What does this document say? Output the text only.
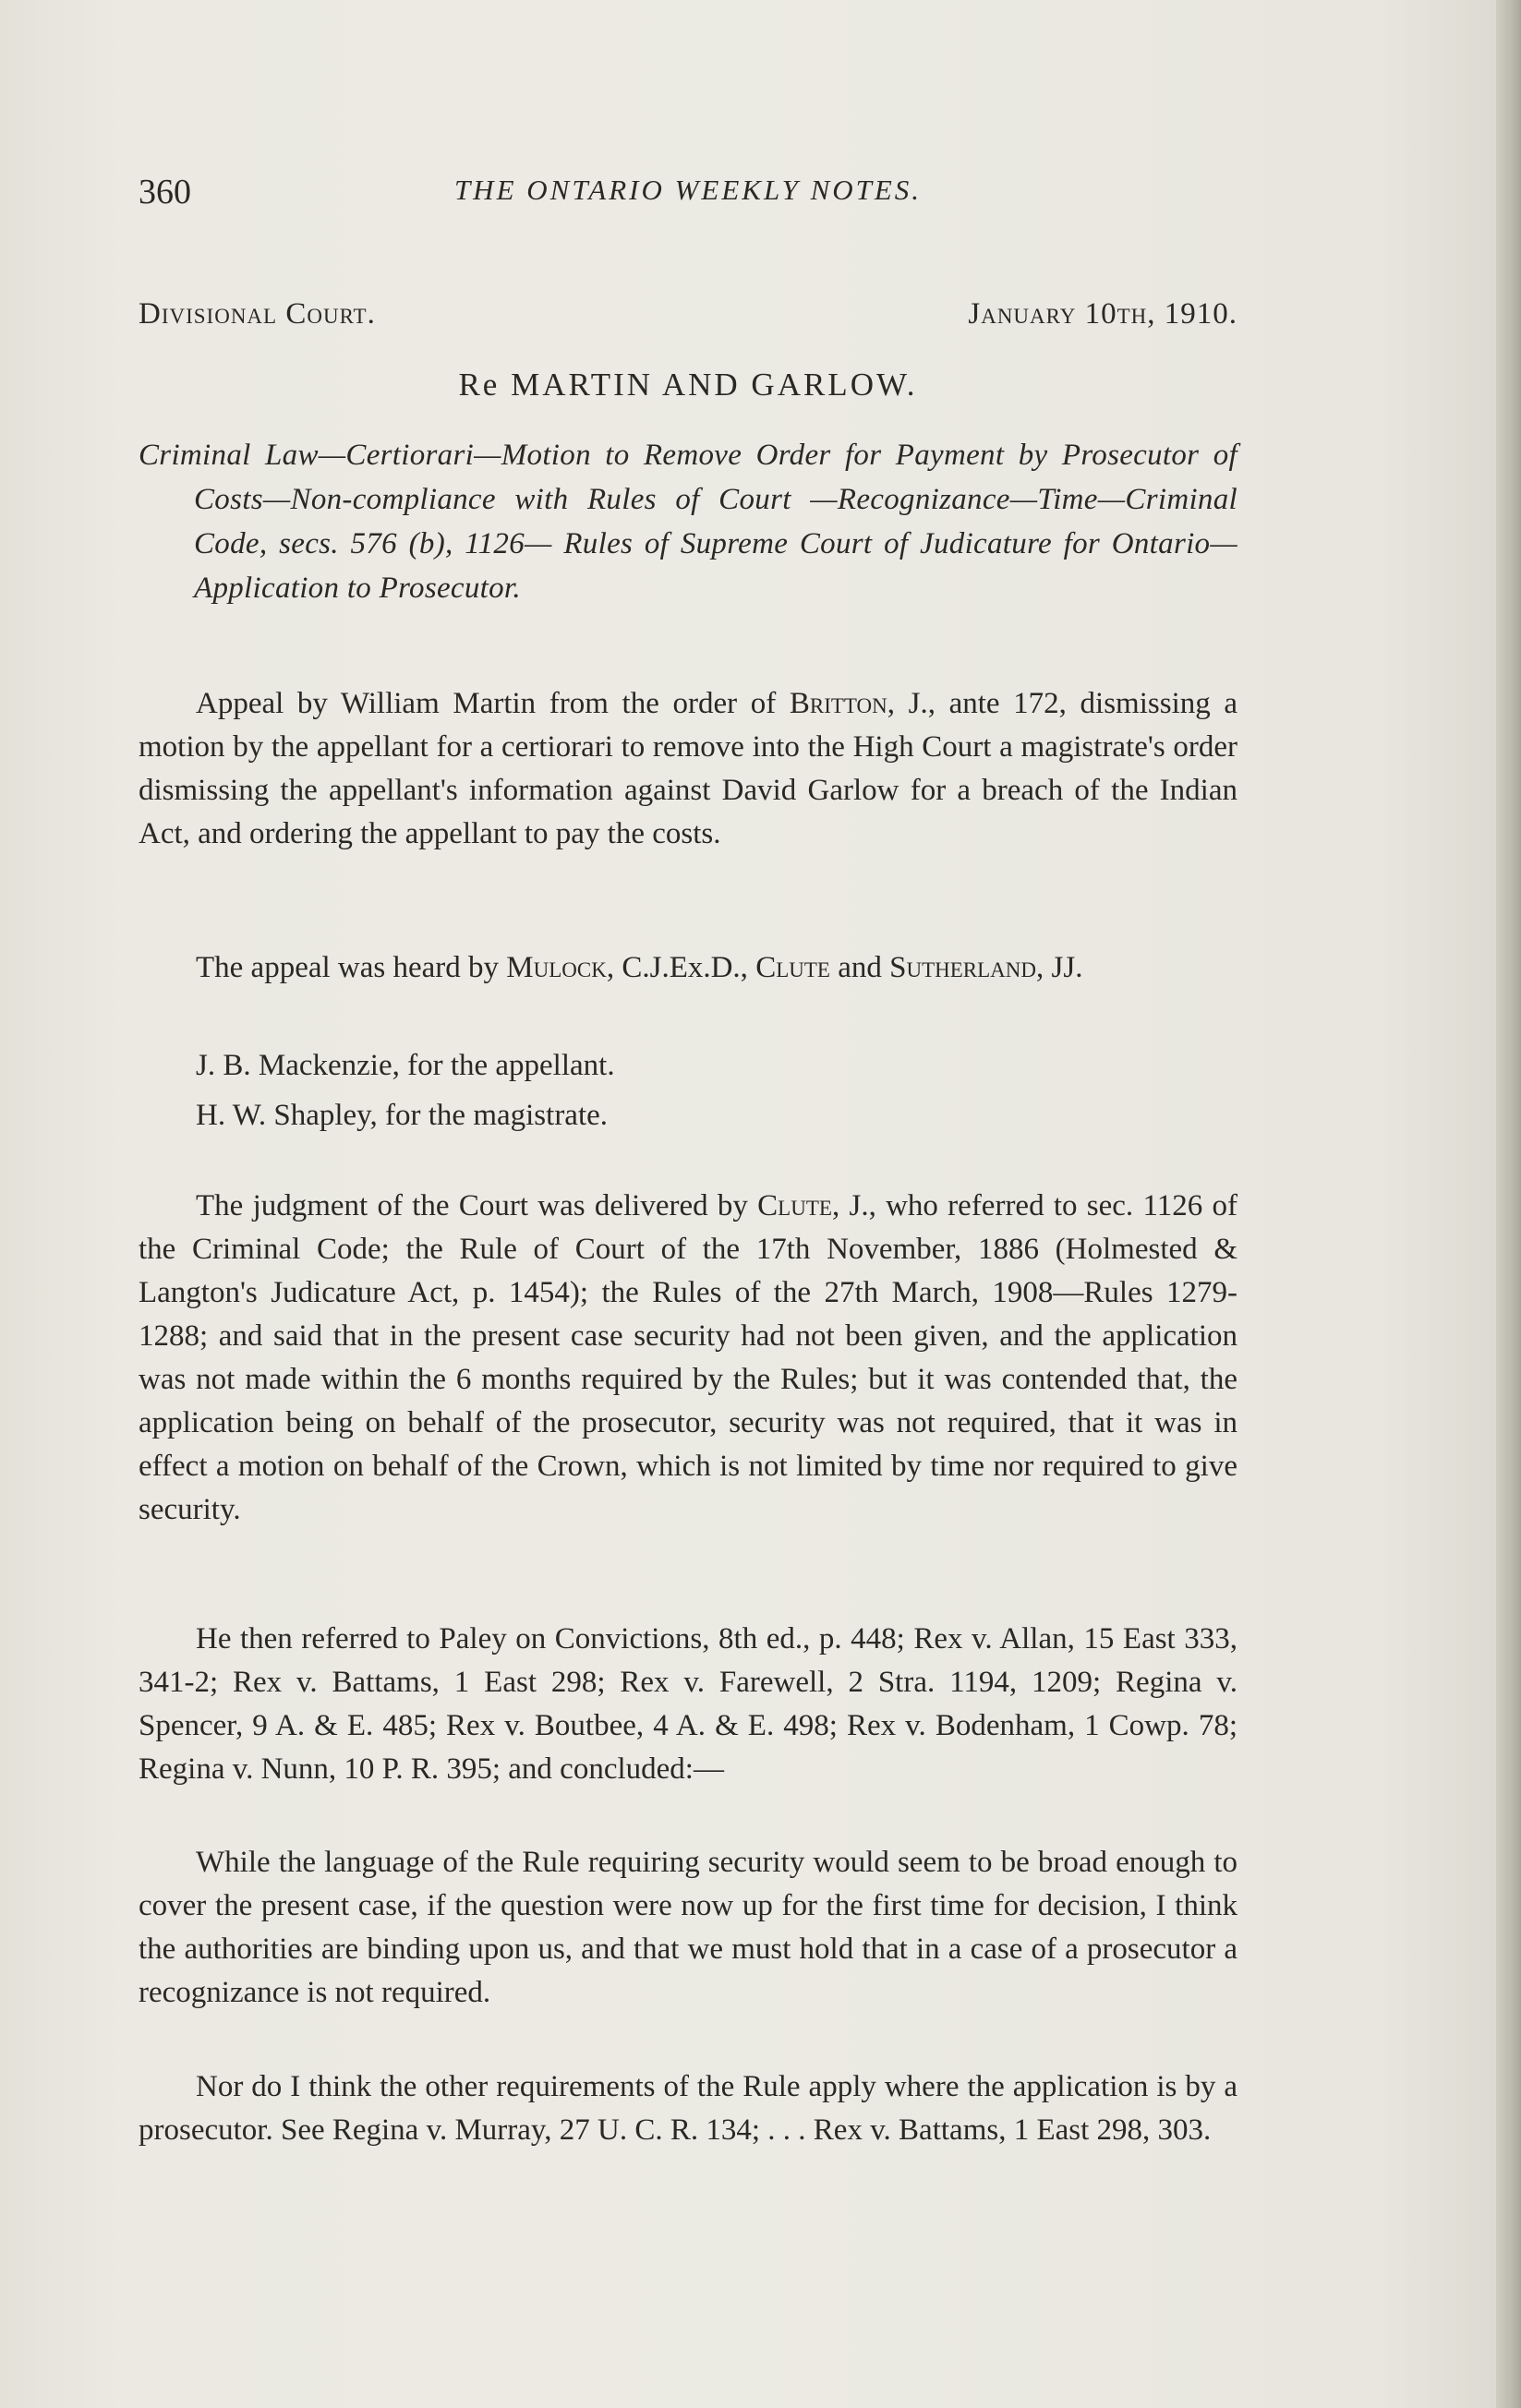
360	THE ONTARIO WEEKLY NOTES.
Divisional Court.	January 10th, 1910.
Re MARTIN AND GARLOW.
Criminal Law—Certiorari—Motion to Remove Order for Payment by Prosecutor of Costs—Non-compliance with Rules of Court —Recognizance—Time—Criminal Code, secs. 576 (b), 1126— Rules of Supreme Court of Judicature for Ontario—Application to Prosecutor.

Appeal by William Martin from the order of Britton, J., ante 172, dismissing a motion by the appellant for a certiorari to remove into the High Court a magistrate's order dismissing the appellant's information against David Garlow for a breach of the Indian Act, and ordering the appellant to pay the costs.

The appeal was heard by Mulock, C.J.Ex.D., Clute and Sutherland, JJ.

J. B. Mackenzie, for the appellant.

H. W. Shapley, for the magistrate.

The judgment of the Court was delivered by Clute, J., who referred to sec. 1126 of the Criminal Code; the Rule of Court of the 17th November, 1886 (Holmested & Langton's Judicature Act, p. 1454); the Rules of the 27th March, 1908—Rules 1279-1288; and said that in the present case security had not been given, and the application was not made within the 6 months required by the Rules; but it was contended that, the application being on behalf of the prosecutor, security was not required, that it was in effect a motion on behalf of the Crown, which is not limited by time nor required to give security.

He then referred to Paley on Convictions, 8th ed., p. 448; Rex v. Allan, 15 East 333, 341-2; Rex v. Battams, 1 East 298; Rex v. Farewell, 2 Stra. 1194, 1209; Regina v. Spencer, 9 A. & E. 485; Rex v. Boutbee, 4 A. & E. 498; Rex v. Bodenham, 1 Cowp. 78; Regina v. Nunn, 10 P. R. 395; and concluded:—

While the language of the Rule requiring security would seem to be broad enough to cover the present case, if the question were now up for the first time for decision, I think the authorities are binding upon us, and that we must hold that in a case of a prosecutor a recognizance is not required.

Nor do I think the other requirements of the Rule apply where the application is by a prosecutor. See Regina v. Murray, 27 U. C. R. 134; . . . Rex v. Battams, 1 East 298, 303.
